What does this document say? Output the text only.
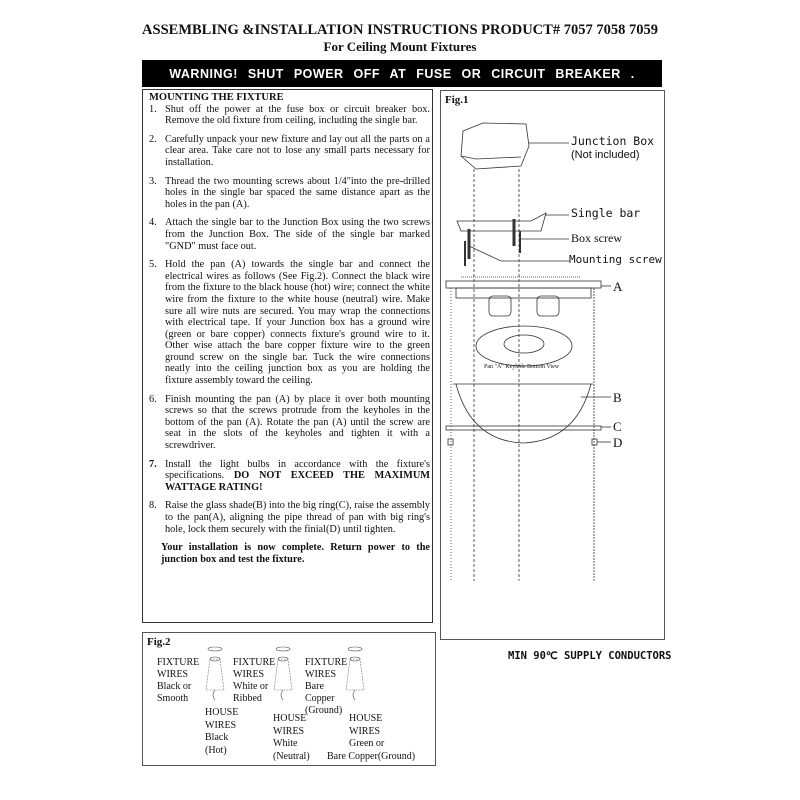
ASSEMBLING &INSTALLATION INSTRUCTIONS PRODUCT# 7057 7058 7059
For Ceiling Mount Fixtures
WARNING! SHUT POWER OFF AT FUSE OR CIRCUIT BREAKER .
MOUNTING THE FIXTURE
1. Shut off the power at the fuse box or circuit breaker box. Remove the old fixture from ceiling, including the single bar.
2. Carefully unpack your new fixture and lay out all the parts on a clear area. Take care not to lose any small parts necessary for installation.
3. Thread the two mounting screws about 1/4"into the pre-drilled holes in the single bar spaced the same distance apart as the holes in the pan (A).
4. Attach the single bar to the Junction Box using the two screws from the Junction Box. The side of the single bar marked "GND" must face out.
5. Hold the pan (A) towards the single bar and connect the electrical wires as follows (See Fig.2). Connect the black wire from the fixture to the black house (hot) wire; connect the white wire from the fixture to the white house (neutral) wire. Make sure all wire nuts are secured. You may wrap the connections with electrical tape. If your Junction box has a ground wire (green or bare copper) connects fixture's ground wire to it. Other wise attach the bare copper fixture wire to the green ground screw on the single bar. Tuck the wire connections neatly into the ceiling junction box as you are holding the fixture assembly toward the ceiling.
6. Finish mounting the pan (A) by place it over both mounting screws so that the screws protrude from the keyholes in the bottom of the pan (A). Rotate the pan (A) until the screw are seat in the slots of the keyholes and tighten it with a screwdriver.
7. Install the light bulbs in accordance with the fixture's specifications. DO NOT EXCEED THE MAXIMUM WATTAGE RATING!
8. Raise the glass shade(B) into the big ring(C), raise the assembly to the pan(A), aligning the pipe thread of pan with big ring's hole, lock them securely with the finial(D) until tighten.
Your installation is now complete. Return power to the junction box and test the fixture.
Fig.1
Junction Box
(Not included)
Single bar
Box screw
Mounting screw
A
B
C
D
Pan "A" Keyhole Bottom View
Fig.2
FIXTURE
WIRES
Black or
Smooth
HOUSE
WIRES
Black
(Hot)
FIXTURE
WIRES
White or
Ribbed
HOUSE
WIRES
White
(Neutral)
FIXTURE
WIRES
Bare
Copper
(Ground)
HOUSE
WIRES
Green or
Bare Copper(Ground)
MIN 90℃ SUPPLY CONDUCTORS
